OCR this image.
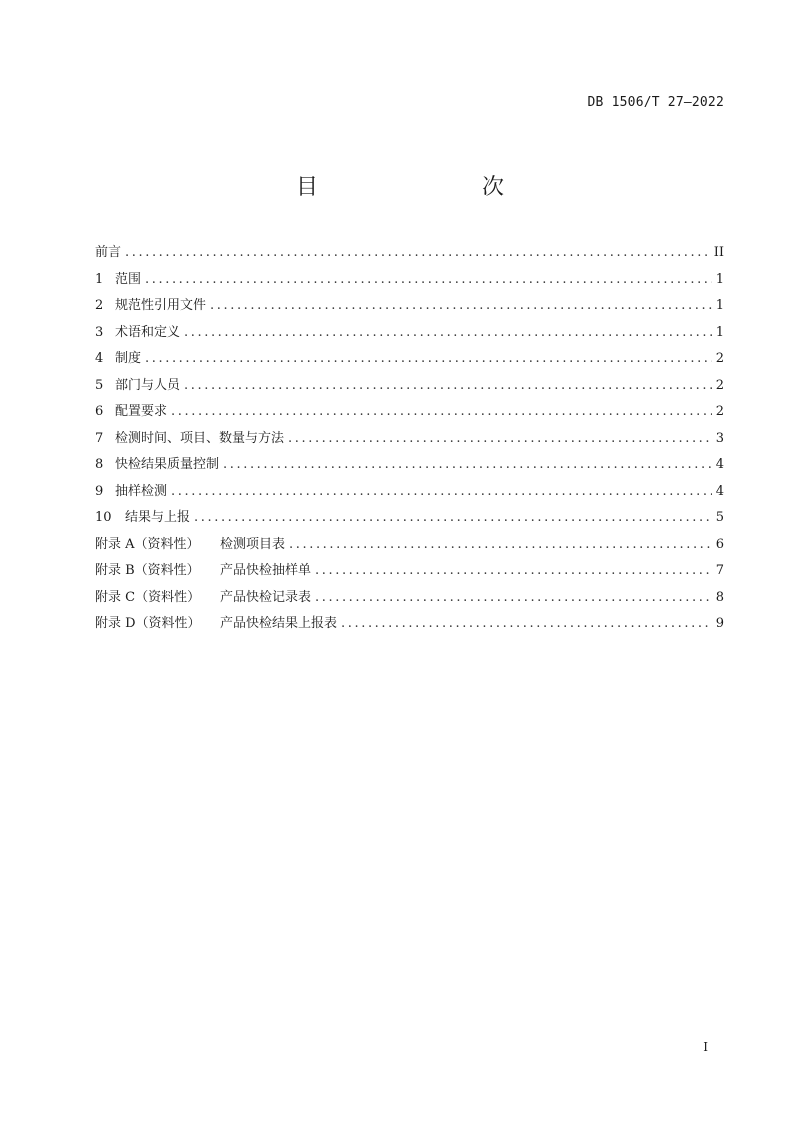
DB 1506/T 27—2022
目　　次
前言 .....	II
1 范围 .....	1
2 规范性引用文件 .....	1
3 术语和定义 .....	1
4 制度 .....	2
5 部门与人员 .....	2
6 配置要求 .....	2
7 检测时间、项目、数量与方法 .....	3
8 快检结果质量控制 .....	4
9 抽样检测 .....	4
10	结果与上报 .....	5
附录 A（资料性）	检测项目表 .....	6
附录 B（资料性）	产品快检抽样单 .....	7
附录 C（资料性）	产品快检记录表 .....	8
附录 D（资料性）	产品快检结果上报表 .....	9
I
